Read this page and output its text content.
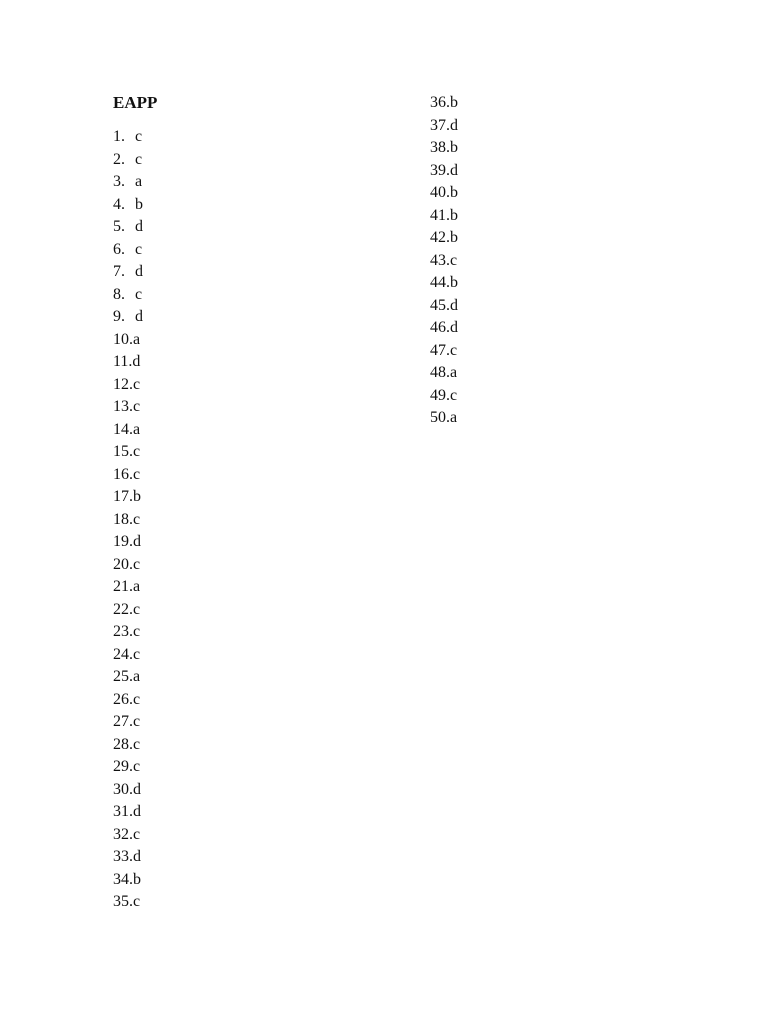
EAPP
1. c
2. c
3. a
4. b
5. d
6. c
7. d
8. c
9. d
10.a
11.d
12.c
13.c
14.a
15.c
16.c
17.b
18.c
19.d
20.c
21.a
22.c
23.c
24.c
25.a
26.c
27.c
28.c
29.c
30.d
31.d
32.c
33.d
34.b
35.c
36.b
37.d
38.b
39.d
40.b
41.b
42.b
43.c
44.b
45.d
46.d
47.c
48.a
49.c
50.a
